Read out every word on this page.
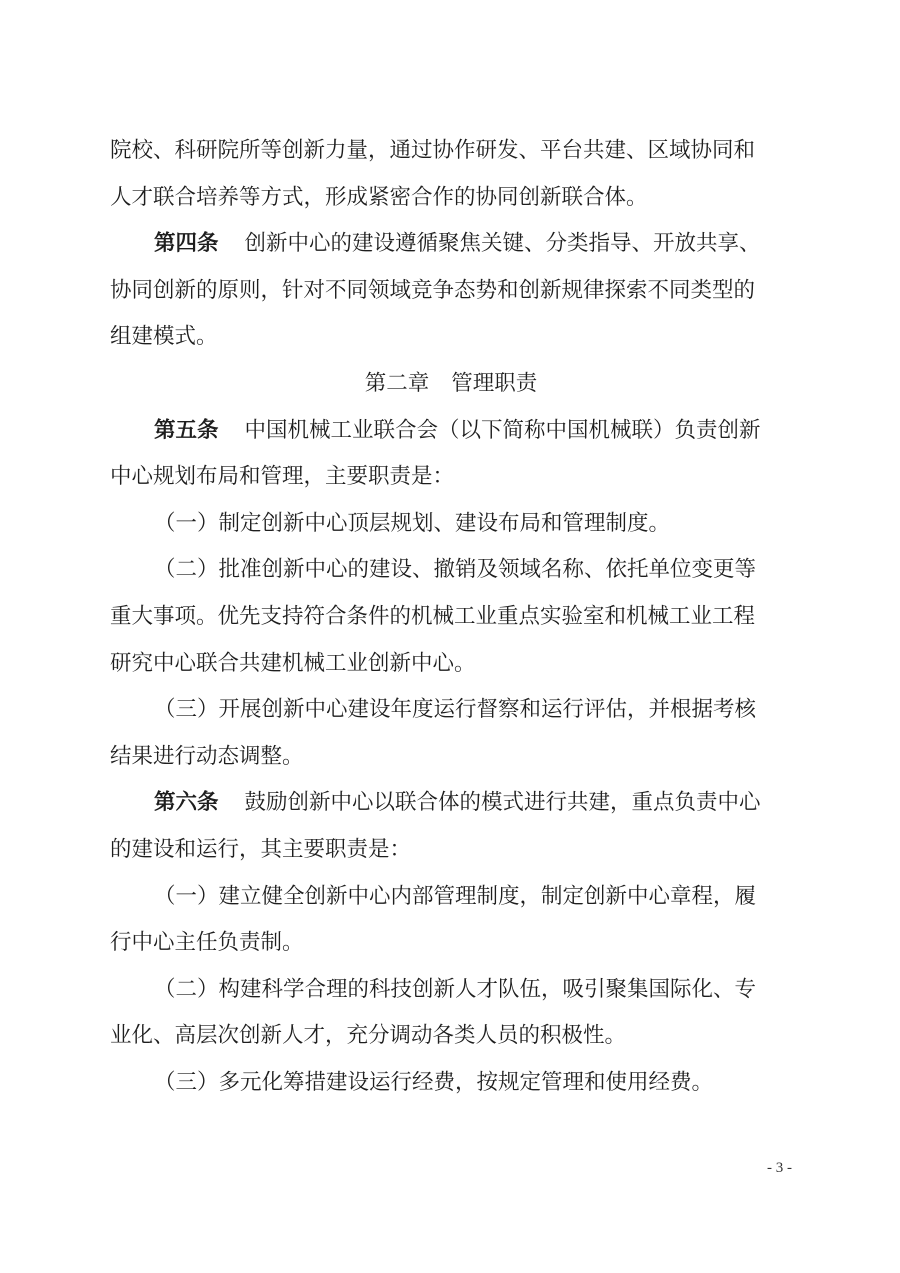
院校、科研院所等创新力量，通过协作研发、平台共建、区域协同和
人才联合培养等方式，形成紧密合作的协同创新联合体。
第四条 创新中心的建设遵循聚焦关键、分类指导、开放共享、
协同创新的原则，针对不同领域竞争态势和创新规律探索不同类型的
组建模式。
第二章 管理职责
第五条 中国机械工业联合会（以下简称中国机械联）负责创新
中心规划布局和管理，主要职责是：
（一）制定创新中心顶层规划、建设布局和管理制度。
（二）批准创新中心的建设、撤销及领域名称、依托单位变更等
重大事项。优先支持符合条件的机械工业重点实验室和机械工业工程
研究中心联合共建机械工业创新中心。
（三）开展创新中心建设年度运行督察和运行评估，并根据考核
结果进行动态调整。
第六条 鼓励创新中心以联合体的模式进行共建，重点负责中心
的建设和运行，其主要职责是：
（一）建立健全创新中心内部管理制度，制定创新中心章程，履
行中心主任负责制。
（二）构建科学合理的科技创新人才队伍，吸引聚集国际化、专
业化、高层次创新人才，充分调动各类人员的积极性。
（三）多元化筹措建设运行经费，按规定管理和使用经费。
- 3 -
